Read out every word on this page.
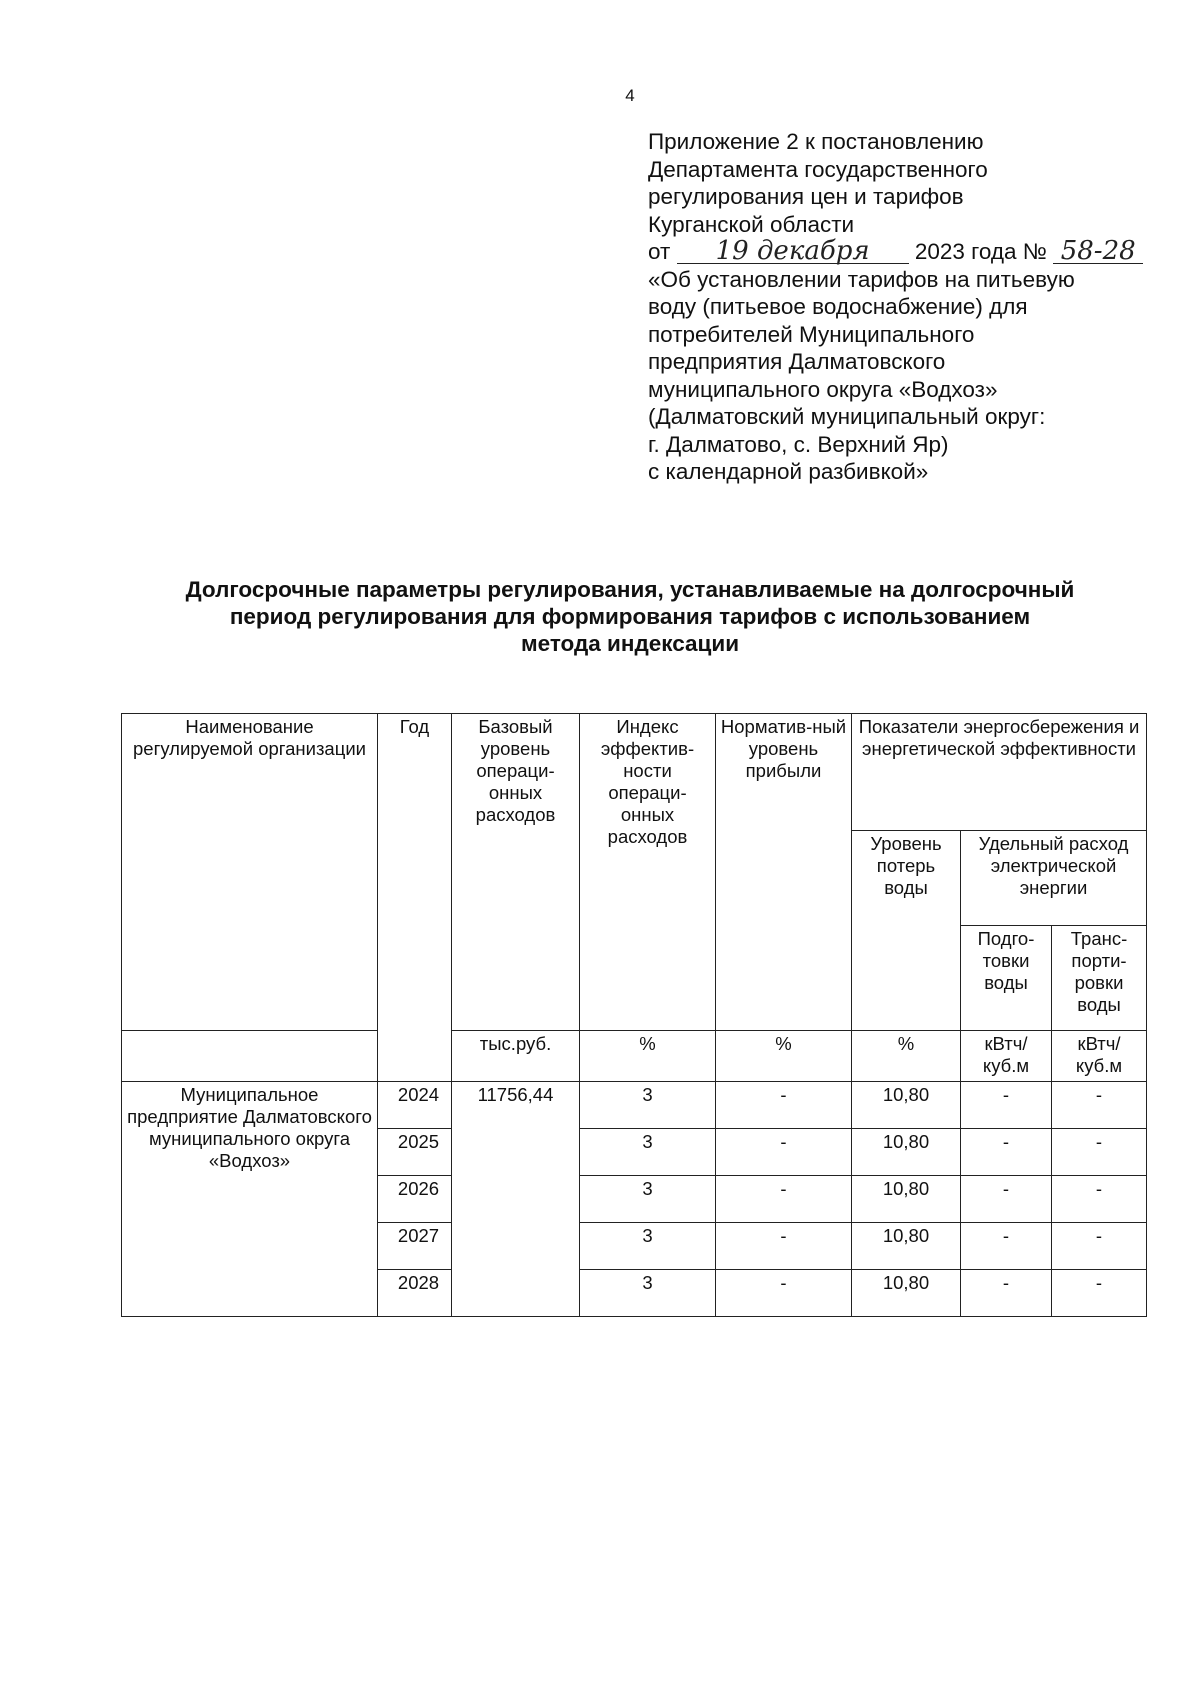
4
Приложение 2 к постановлению
Департамента государственного
регулирования цен и тарифов
Курганской области
от 19 декабря 2023 года № 58-28
«Об установлении тарифов на питьевую
воду (питьевое водоснабжение) для
потребителей Муниципального
предприятия Далматовского
муниципального округа «Водхоз»
(Далматовский муниципальный округ:
г. Далматово, с. Верхний Яр)
с календарной разбивкой»
Долгосрочные параметры регулирования, устанавливаемые на долгосрочный
период регулирования для формирования тарифов с использованием
метода индексации
Наименование регулируемой организации	Год	Базовый уровень операци-онных расходов	Индекс эффектив-ности операци-онных расходов	Норматив-ный уровень прибыли	Показатели энергосбережения и энергетической эффективности		
					Уровень потерь воды	Удельный расход электрической энергии	
						Подго-товки воды	Транс-порти-ровки воды
		тыс.руб.	%	%	%	кВтч/ куб.м	кВтч/ куб.м
Муниципальное предприятие Далматовского муниципального округа «Водхоз»	2024	11756,44	3	-	10,80	-	-
	2025		3	-	10,80	-	-
	2026		3	-	10,80	-	-
	2027		3	-	10,80	-	-
	2028		3	-	10,80	-	-
